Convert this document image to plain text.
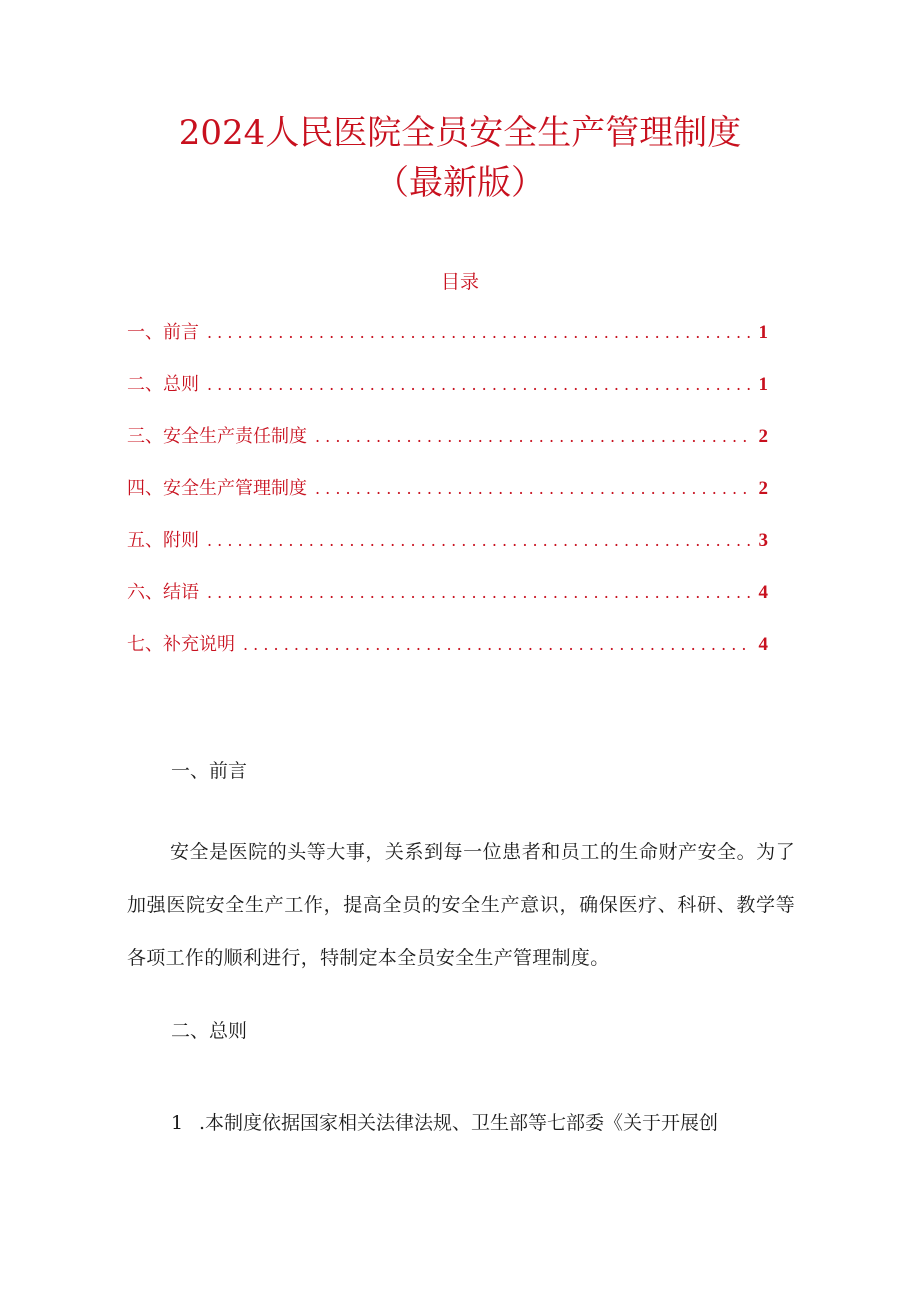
2024人民医院全员安全生产管理制度
（最新版）
目录
一、前言 . . .	1
二、总则 . . .	1
三、安全生产责任制度 . . .	2
四、安全生产管理制度 . . .	2
五、附则 . . .	3
六、结语 . . .	4
七、补充说明 . . .	4
一、前言

安全是医院的头等大事，关系到每一位患者和员工的生命财产安全。为了加强医院安全生产工作，提高全员的安全生产意识，确保医疗、科研、教学等各项工作的顺利进行，特制定本全员安全生产管理制度。

二、总则
1 .本制度依据国家相关法律法规、卫生部等七部委《关于开展创
